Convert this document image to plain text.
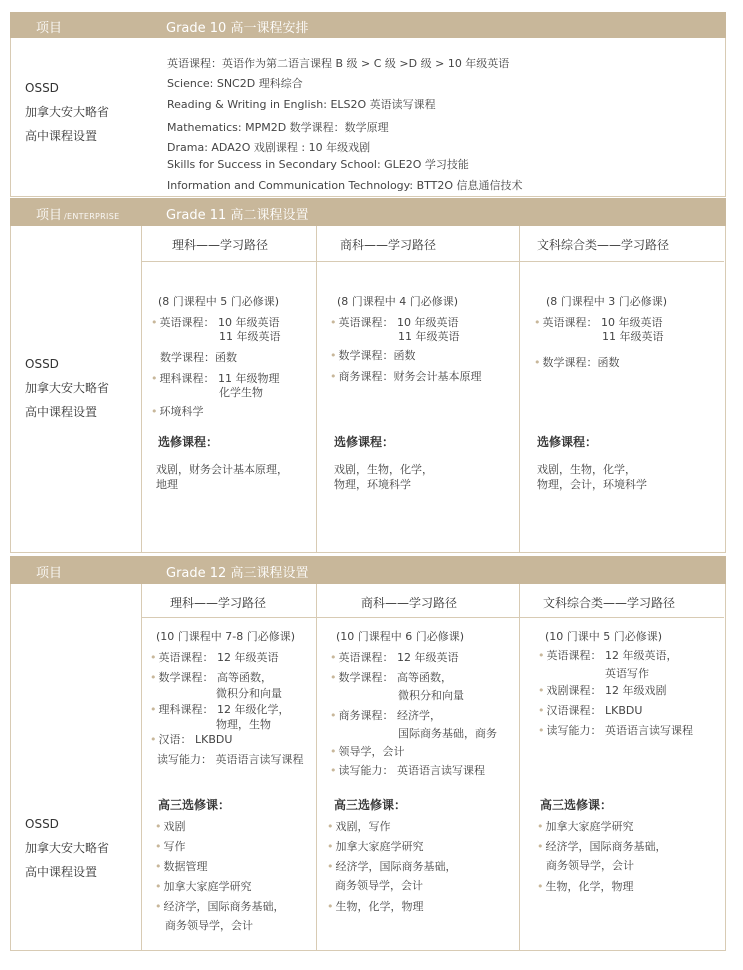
项目	Grade 10 高一课程安排
OSSD
加拿大安大略省
高中课程设置
英语课程：英语作为第二语言课程 B 级 > C 级 >D 级 > 10 年级英语
Science: SNC2D 理科综合
Reading & Writing in English: ELS2O 英语读写课程
Mathematics: MPM2D 数学课程：数学原理
Drama: ADA2O 戏剧课程 : 10 年级戏剧
Skills for Success in Secondary School: GLE2O 学习技能
Information and Communication Technology: BTT2O 信息通信技术
项目 /ENTERPRISE	Grade 11 高二课程设置
OSSD
加拿大安大略省
高中课程设置
理科——学习路径
(8 门课程中 5 门必修课)
• 英语课程： 10 年级英语
11 年级英语
数学课程：函数
• 理科课程： 11 年级物理
化学生物
• 环境科学
选修课程：
戏剧，财务会计基本原理，
地理
商科——学习路径
(8 门课程中 4 门必修课)
• 英语课程： 10 年级英语
11 年级英语
• 数学课程：函数
• 商务课程：财务会计基本原理
选修课程：
戏剧，生物，化学，
物理，环境科学
文科综合类——学习路径
(8 门课程中 3 门必修课)
• 英语课程： 10 年级英语
11 年级英语
• 数学课程：函数
选修课程：
戏剧，生物，化学，
物理，会计，环境科学
项目	Grade 12 高三课程设置
OSSD
加拿大安大略省
高中课程设置
理科——学习路径
(10 门课程中 7-8 门必修课)
• 英语课程： 12 年级英语
• 数学课程： 高等函数，
微积分和向量
• 理科课程： 12 年级化学，
物理，生物
• 汉语： LKBDU
读写能力： 英语语言读写课程
高三选修课：
• 戏剧
• 写作
• 数据管理
• 加拿大家庭学研究
• 经济学，国际商务基础，
商务领导学，会计
商科——学习路径
(10 门课程中 6 门必修课)
• 英语课程： 12 年级英语
• 数学课程： 高等函数，
微积分和向量
• 商务课程： 经济学，
国际商务基础，商务
• 领导学，会计
• 读写能力： 英语语言读写课程
高三选修课：
• 戏剧，写作
• 加拿大家庭学研究
• 经济学，国际商务基础，
商务领导学，会计
• 生物，化学，物理
文科综合类——学习路径
(10 门课中 5 门必修课)
• 英语课程： 12 年级英语，
英语写作
• 戏剧课程： 12 年级戏剧
• 汉语课程： LKBDU
• 读写能力： 英语语言读写课程
高三选修课：
• 加拿大家庭学研究
• 经济学，国际商务基础，
商务领导学，会计
• 生物，化学，物理
